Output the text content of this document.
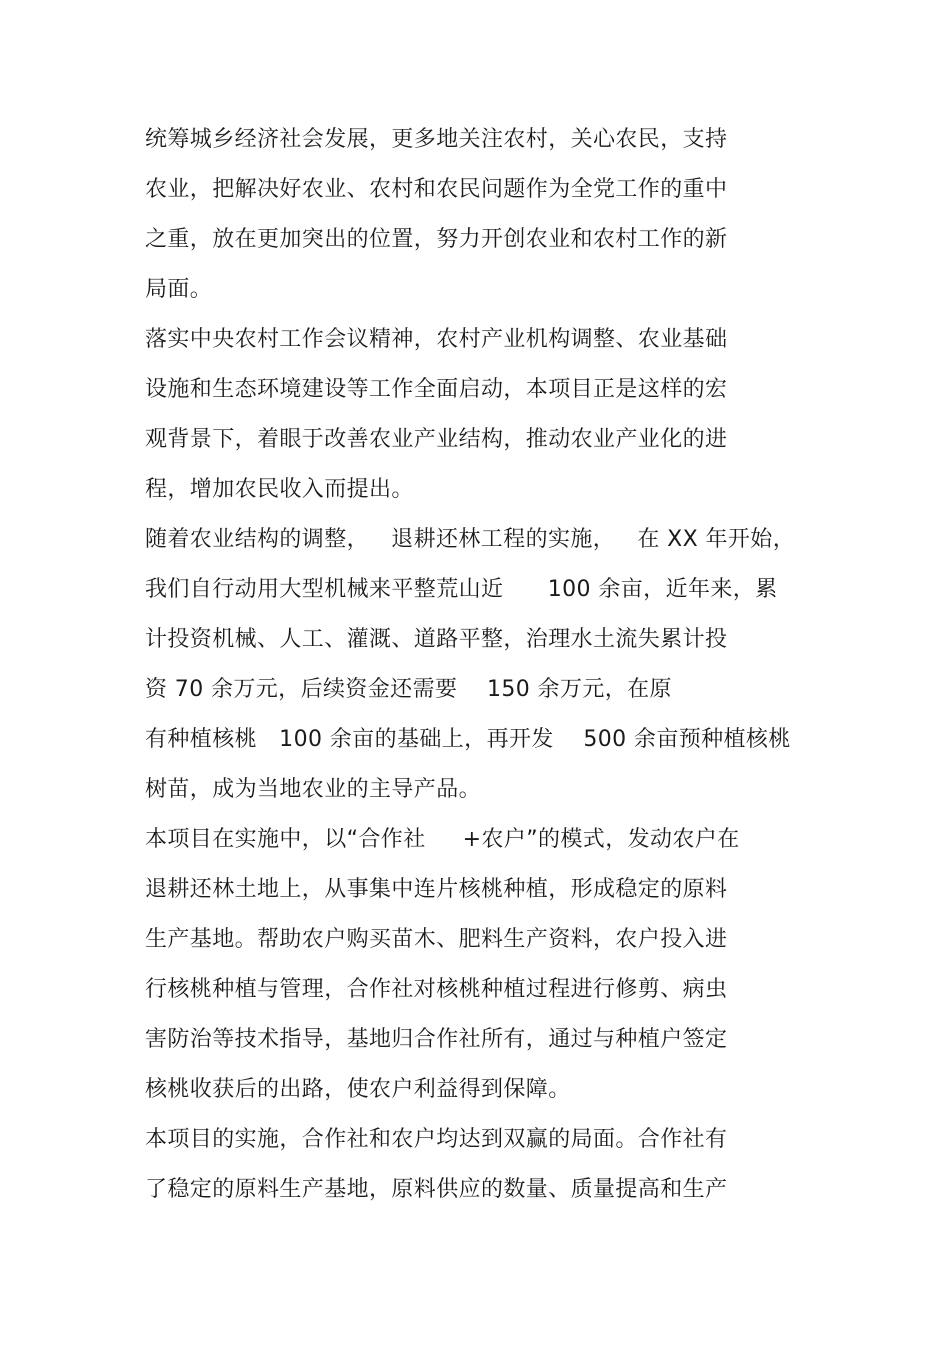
统筹城乡经济社会发展，更多地关注农村，关心农民，支持
农业，把解决好农业、农村和农民问题作为全党工作的重中
之重，放在更加突出的位置，努力开创农业和农村工作的新
局面。
落实中央农村工作会议精神，农村产业机构调整、农业基础
设施和生态环境建设等工作全面启动，本项目正是这样的宏
观背景下，着眼于改善农业产业结构，推动农业产业化的进
程，增加农民收入而提出。
随着农业结构的调整，   退耕还林工程的实施，   在 XX 年开始，
我们自行动用大型机械来平整荒山近      100 余亩，近年来，累
计投资机械、人工、灌溉、道路平整，治理水土流失累计投
资 70 余万元，后续资金还需要    150 余万元，在原
有种植核桃   100 余亩的基础上，再开发    500 余亩预种植核桃
树苗，成为当地农业的主导产品。
本项目在实施中，以“合作社     +农户”的模式，发动农户在
退耕还林土地上，从事集中连片核桃种植，形成稳定的原料
生产基地。帮助农户购买苗木、肥料生产资料，农户投入进
行核桃种植与管理，合作社对核桃种植过程进行修剪、病虫
害防治等技术指导，基地归合作社所有，通过与种植户签定
核桃收获后的出路，使农户利益得到保障。
本项目的实施，合作社和农户均达到双赢的局面。合作社有
了稳定的原料生产基地，原料供应的数量、质量提高和生产
